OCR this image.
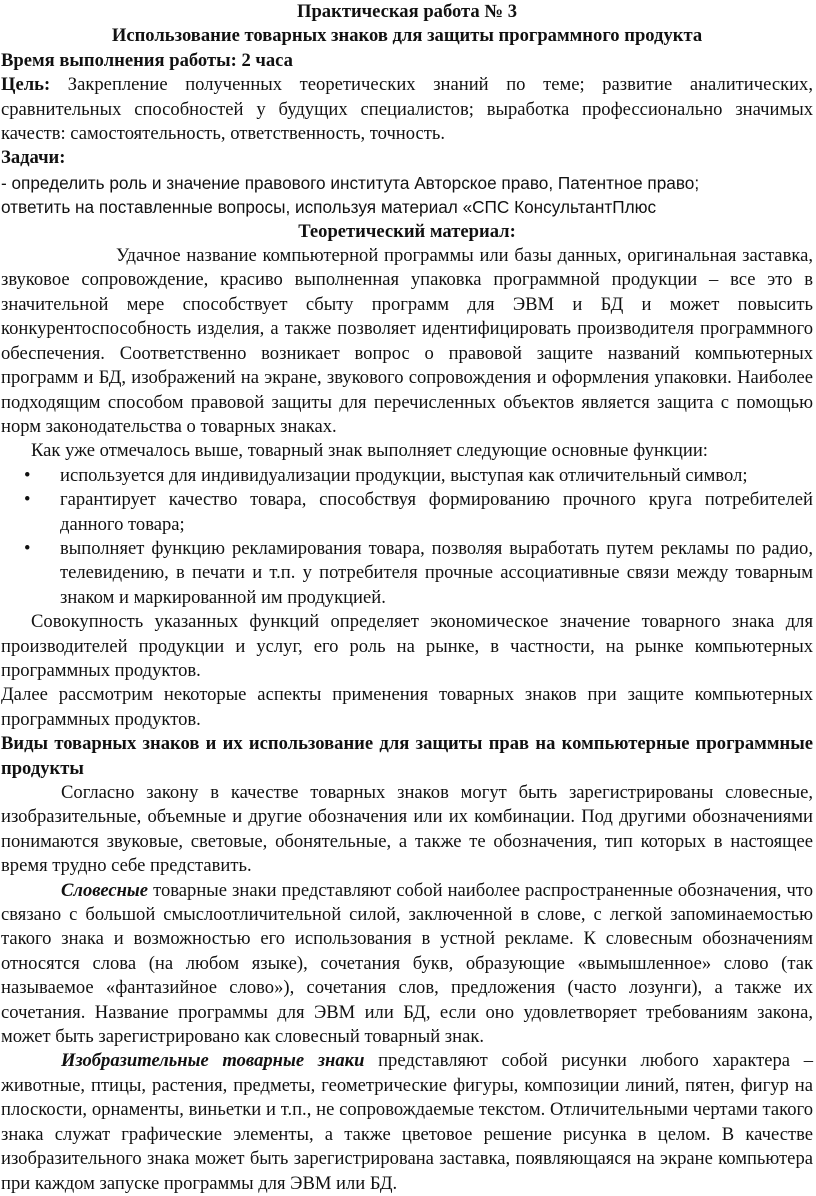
Практическая работа № 3

Использование товарных знаков для защиты программного продукта

Время выполнения работы: 2 часа

Цель: Закрепление полученных теоретических знаний по теме; развитие аналитических, сравнительных способностей у будущих специалистов; выработка профессионально значимых качеств: самостоятельность, ответственность, точность.

Задачи:

- определить роль и значение правового института Авторское право, Патентное право;

ответить на поставленные вопросы, используя материал «СПС КонсультантПлюс

Теоретический материал:

Удачное название компьютерной программы или базы данных, оригинальная заставка, звуковое сопровождение, красиво выполненная упаковка программной продукции – все это в значительной мере способствует сбыту программ для ЭВМ и БД и может повысить конкурентоспособность изделия, а также позволяет идентифицировать производителя программного обеспечения. Соответственно возникает вопрос о правовой защите названий компьютерных программ и БД, изображений на экране, звукового сопровождения и оформления упаковки. Наиболее подходящим способом правовой защиты для перечисленных объектов является защита с помощью норм законодательства о товарных знаках.

Как уже отмечалось выше, товарный знак выполняет следующие основные функции:

• используется для индивидуализации продукции, выступая как отличительный символ;
• гарантирует качество товара, способствуя формированию прочного круга потребителей данного товара;
• выполняет функцию рекламирования товара, позволяя выработать путем рекламы по радио, телевидению, в печати и т.п. у потребителя прочные ассоциативные связи между товарным знаком и маркированной им продукцией.

Совокупность указанных функций определяет экономическое значение товарного знака для производителей продукции и услуг, его роль на рынке, в частности, на рынке компьютерных программных продуктов.

Далее рассмотрим некоторые аспекты применения товарных знаков при защите компьютерных программных продуктов.

Виды товарных знаков и их использование для защиты прав на компьютерные программные продукты

Согласно закону в качестве товарных знаков могут быть зарегистрированы словесные, изобразительные, объемные и другие обозначения или их комбинации. Под другими обозначениями понимаются звуковые, световые, обонятельные, а также те обозначения, тип которых в настоящее время трудно себе представить.

Словесные товарные знаки представляют собой наиболее распространенные обозначения, что связано с большой смыслоотличительной силой, заключенной в слове, с легкой запоминаемостью такого знака и возможностью его использования в устной рекламе. К словесным обозначениям относятся слова (на любом языке), сочетания букв, образующие «вымышленное» слово (так называемое «фантазийное слово»), сочетания слов, предложения (часто лозунги), а также их сочетания. Название программы для ЭВМ или БД, если оно удовлетворяет требованиям закона, может быть зарегистрировано как словесный товарный знак.

Изобразительные товарные знаки представляют собой рисунки любого характера – животные, птицы, растения, предметы, геометрические фигуры, композиции линий, пятен, фигур на плоскости, орнаменты, виньетки и т.п., не сопровождаемые текстом. Отличительными чертами такого знака служат графические элементы, а также цветовое решение рисунка в целом. В качестве изобразительного знака может быть зарегистрирована заставка, появляющаяся на экране компьютера при каждом запуске программы для ЭВМ или БД.
